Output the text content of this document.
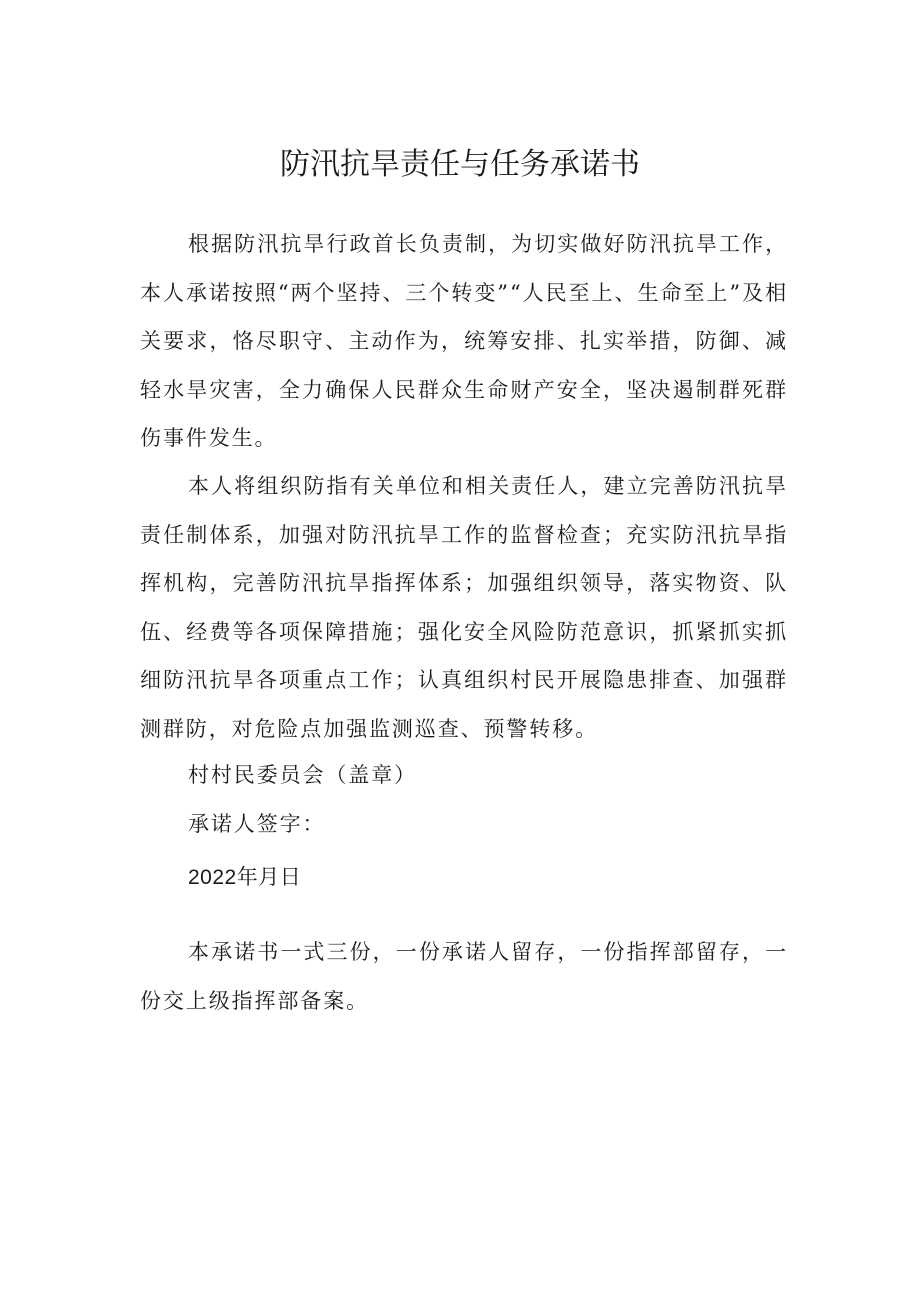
防汛抗旱责任与任务承诺书

根据防汛抗旱行政首长负责制，为切实做好防汛抗旱工作，本人承诺按照“两个坚持、三个转变”“人民至上、生命至上”及相关要求，恪尽职守、主动作为，统筹安排、扎实举措，防御、减轻水旱灾害，全力确保人民群众生命财产安全，坚决遏制群死群伤事件发生。

本人将组织防指有关单位和相关责任人，建立完善防汛抗旱责任制体系，加强对防汛抗旱工作的监督检查；充实防汛抗旱指挥机构，完善防汛抗旱指挥体系；加强组织领导，落实物资、队伍、经费等各项保障措施；强化安全风险防范意识，抓紧抓实抓细防汛抗旱各项重点工作；认真组织村民开展隐患排查、加强群测群防，对危险点加强监测巡查、预警转移。

村村民委员会（盖章）

承诺人签字：

2022年月日

本承诺书一式三份，一份承诺人留存，一份指挥部留存，一份交上级指挥部备案。
